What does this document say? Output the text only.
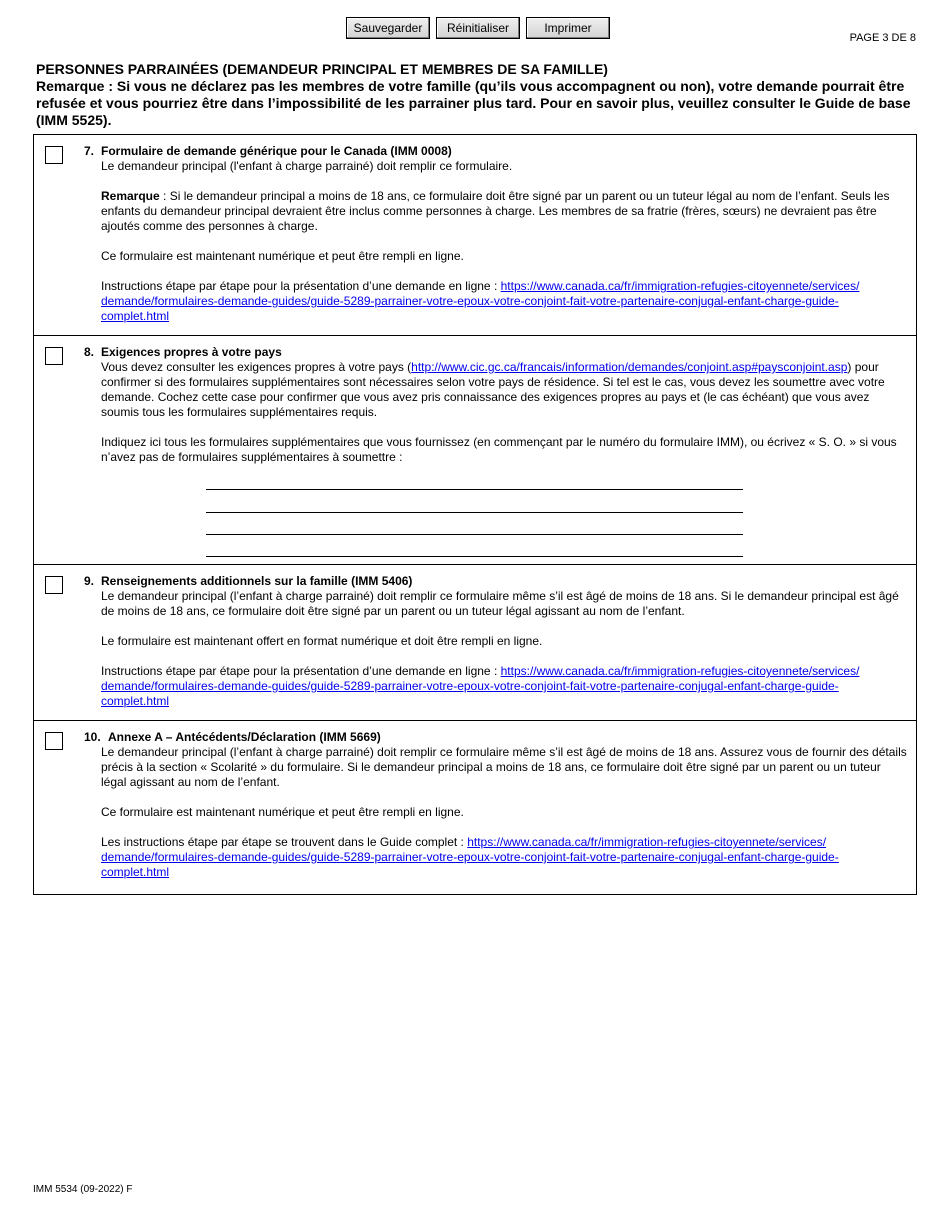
Sauvegarder	Réinitialiser	Imprimer
PAGE 3 DE 8
PERSONNES PARRAINÉES (DEMANDEUR PRINCIPAL ET MEMBRES DE SA FAMILLE)
Remarque : Si vous ne déclarez pas les membres de votre famille (qu’ils vous accompagnent ou non), votre demande pourrait être refusée et vous pourriez être dans l’impossibilité de les parrainer plus tard. Pour en savoir plus, veuillez consulter le Guide de base (IMM 5525).
7. Formulaire de demande générique pour le Canada (IMM 0008)

Le demandeur principal (l'enfant à charge parrainé) doit remplir ce formulaire.

Remarque : Si le demandeur principal a moins de 18 ans, ce formulaire doit être signé par un parent ou un tuteur légal au nom de l’enfant. Seuls les enfants du demandeur principal devraient être inclus comme personnes à charge. Les membres de sa fratrie (frères, sœurs) ne devraient pas être ajoutés comme des personnes à charge.

Ce formulaire est maintenant numérique et peut être rempli en ligne.

Instructions étape par étape pour la présentation d’une demande en ligne : https://www.canada.ca/fr/immigration-refugies-citoyennete/services/
demande/formulaires-demande-guides/guide-5289-parrainer-votre-epoux-votre-conjoint-fait-votre-partenaire-conjugal-enfant-charge-guide-
complet.html

8. Exigences propres à votre pays

Vous devez consulter les exigences propres à votre pays (http://www.cic.gc.ca/francais/information/demandes/conjoint.asp#paysconjoint.asp) pour confirmer si des formulaires supplémentaires sont nécessaires selon votre pays de résidence. Si tel est le cas, vous devez les soumettre avec votre demande. Cochez cette case pour confirmer que vous avez pris connaissance des exigences propres au pays et (le cas échéant) que vous avez soumis tous les formulaires supplémentaires requis.

Indiquez ici tous les formulaires supplémentaires que vous fournissez (en commençant par le numéro du formulaire IMM), ou écrivez « S. O. » si vous n’avez pas de formulaires supplémentaires à soumettre :

9. Renseignements additionnels sur la famille (IMM 5406)

Le demandeur principal (l’enfant à charge parrainé) doit remplir ce formulaire même s’il est âgé de moins de 18 ans. Si le demandeur principal est âgé de moins de 18 ans, ce formulaire doit être signé par un parent ou un tuteur légal agissant au nom de l’enfant.

Le formulaire est maintenant offert en format numérique et doit être rempli en ligne.

Instructions étape par étape pour la présentation d’une demande en ligne : https://www.canada.ca/fr/immigration-refugies-citoyennete/services/
demande/formulaires-demande-guides/guide-5289-parrainer-votre-epoux-votre-conjoint-fait-votre-partenaire-conjugal-enfant-charge-guide-
complet.html

10. Annexe A – Antécédents/Déclaration (IMM 5669)

Le demandeur principal (l’enfant à charge parrainé) doit remplir ce formulaire même s’il est âgé de moins de 18 ans. Assurez vous de fournir des détails précis à la section « Scolarité » du formulaire. Si le demandeur principal a moins de 18 ans, ce formulaire doit être signé par un parent ou un tuteur légal agissant au nom de l’enfant.

Ce formulaire est maintenant numérique et peut être rempli en ligne.

Les instructions étape par étape se trouvent dans le Guide complet : https://www.canada.ca/fr/immigration-refugies-citoyennete/services/
demande/formulaires-demande-guides/guide-5289-parrainer-votre-epoux-votre-conjoint-fait-votre-partenaire-conjugal-enfant-charge-guide-
complet.html

IMM 5534 (09-2022) F
